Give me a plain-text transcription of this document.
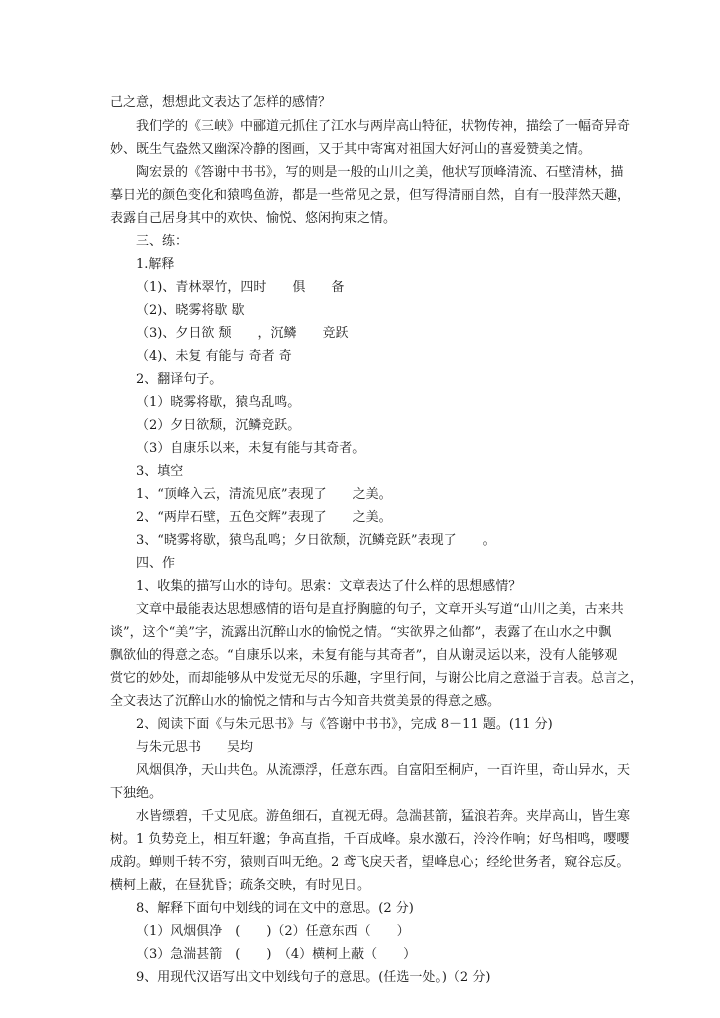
己之意，想想此文表达了怎样的感情？
我们学的《三峡》中郦道元抓住了江水与两岸高山特征，状物传神，描绘了一幅奇异奇
妙、既生气盎然又幽深冷静的图画，又于其中寄寓对祖国大好河山的喜爱赞美之情。
陶宏景的《答谢中书书》，写的则是一般的山川之美，他状写顶峰清流、石壁清林，描
摹日光的颜色变化和猿鸣鱼游，都是一些常见之景，但写得清丽自然，自有一股萍然天趣，
表露自己居身其中的欢快、愉悦、悠闲拘束之情。
三、练：
1.解释
（1)、青林翠竹，四时　　俱　　备
（2)、晓雾将歇 歇
（3)、夕日欲 颓　　，沉鳞　　竞跃
（4)、未复 有能与 奇者 奇
2、翻译句子。
（1）晓雾将歇，猿鸟乱鸣。
（2）夕日欲颓，沉鳞竞跃。
（3）自康乐以来，未复有能与其奇者。
3、填空
1、“顶峰入云，清流见底”表现了　　之美。
2、“两岸石壁，五色交辉”表现了　　之美。
3、“晓雾将歇，猿鸟乱鸣；夕日欲颓，沉鳞竞跃”表现了　　。
四、作
1、收集的描写山水的诗句。思索：文章表达了什么样的思想感情？
文章中最能表达思想感情的语句是直抒胸臆的句子，文章开头写道“山川之美，古来共
谈”，这个“美”字，流露出沉醉山水的愉悦之情。“实欲界之仙都”，表露了在山水之中飘
飘欲仙的得意之态。“自康乐以来，未复有能与其奇者”，自从谢灵运以来，没有人能够观
赏它的妙处，而却能够从中发觉无尽的乐趣，字里行间，与谢公比肩之意溢于言表。总言之，
全文表达了沉醉山水的愉悦之情和与古今知音共赏美景的得意之感。
2、阅读下面《与朱元思书》与《答谢中书书》，完成 8－11 题。(11 分)
与朱元思书　　吴均
风烟俱净，天山共色。从流漂浮，任意东西。自富阳至桐庐，一百许里，奇山异水，天
下独绝。
水皆缥碧，千丈见底。游鱼细石，直视无碍。急湍甚箭，猛浪若奔。夹岸高山，皆生寒
树。1 负势竞上，相互轩邈；争高直指，千百成峰。泉水激石，泠泠作响；好鸟相鸣，嘤嘤
成韵。蝉则千转不穷，猿则百叫无绝。2 鸢飞戾天者，望峰息心；经纶世务者，窥谷忘反。
横柯上蔽，在昼犹昏；疏条交映，有时见日。
8、解释下面句中划线的词在文中的意思。(2 分)
（1）风烟俱净　(　　)（2）任意东西（　　）
（3）急湍甚箭　(　　)　（4）横柯上蔽（　　）
9、用现代汉语写出文中划线句子的意思。(任选一处。)（2 分)
